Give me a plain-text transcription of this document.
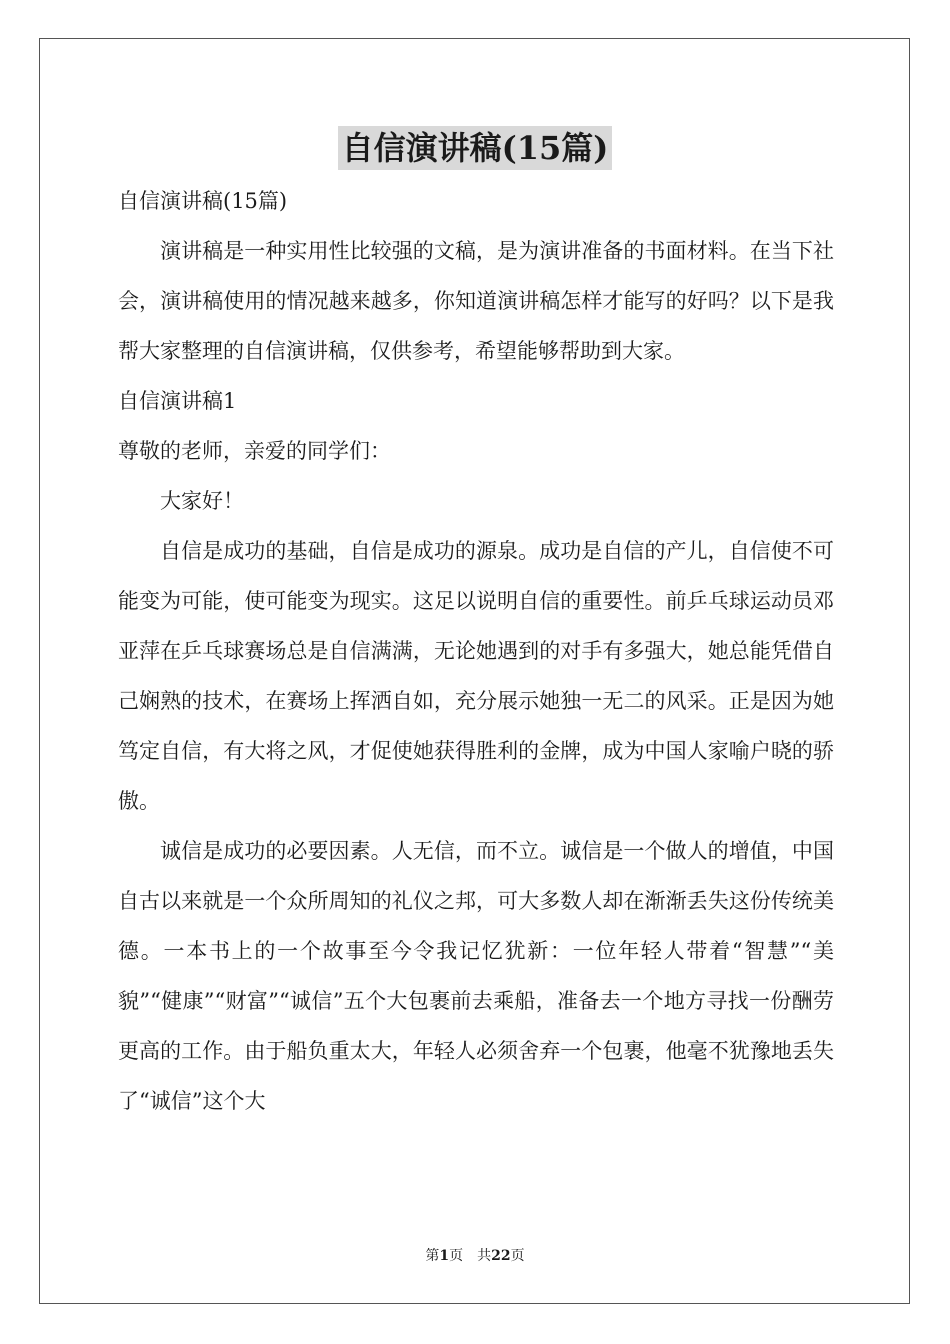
自信演讲稿(15篇)

自信演讲稿(15篇)

演讲稿是一种实用性比较强的文稿，是为演讲准备的书面材料。在当下社会，演讲稿使用的情况越来越多，你知道演讲稿怎样才能写的好吗？以下是我帮大家整理的自信演讲稿，仅供参考，希望能够帮助到大家。

自信演讲稿1

尊敬的老师，亲爱的同学们：

大家好！

自信是成功的基础，自信是成功的源泉。成功是自信的产儿，自信使不可能变为可能，使可能变为现实。这足以说明自信的重要性。前乒乓球运动员邓亚萍在乒乓球赛场总是自信满满，无论她遇到的对手有多强大，她总能凭借自己娴熟的技术，在赛场上挥洒自如，充分展示她独一无二的风采。正是因为她笃定自信，有大将之风，才促使她获得胜利的金牌，成为中国人家喻户晓的骄傲。

诚信是成功的必要因素。人无信，而不立。诚信是一个做人的增值，中国自古以来就是一个众所周知的礼仪之邦，可大多数人却在渐渐丢失这份传统美德。一本书上的一个故事至今令我记忆犹新：一位年轻人带着“智慧”“美貌”“健康”“财富”“诚信”五个大包裹前去乘船，准备去一个地方寻找一份酬劳更高的工作。由于船负重太大，年轻人必须舍弃一个包裹，他毫不犹豫地丢失了“诚信”这个大

第1页　共22页
